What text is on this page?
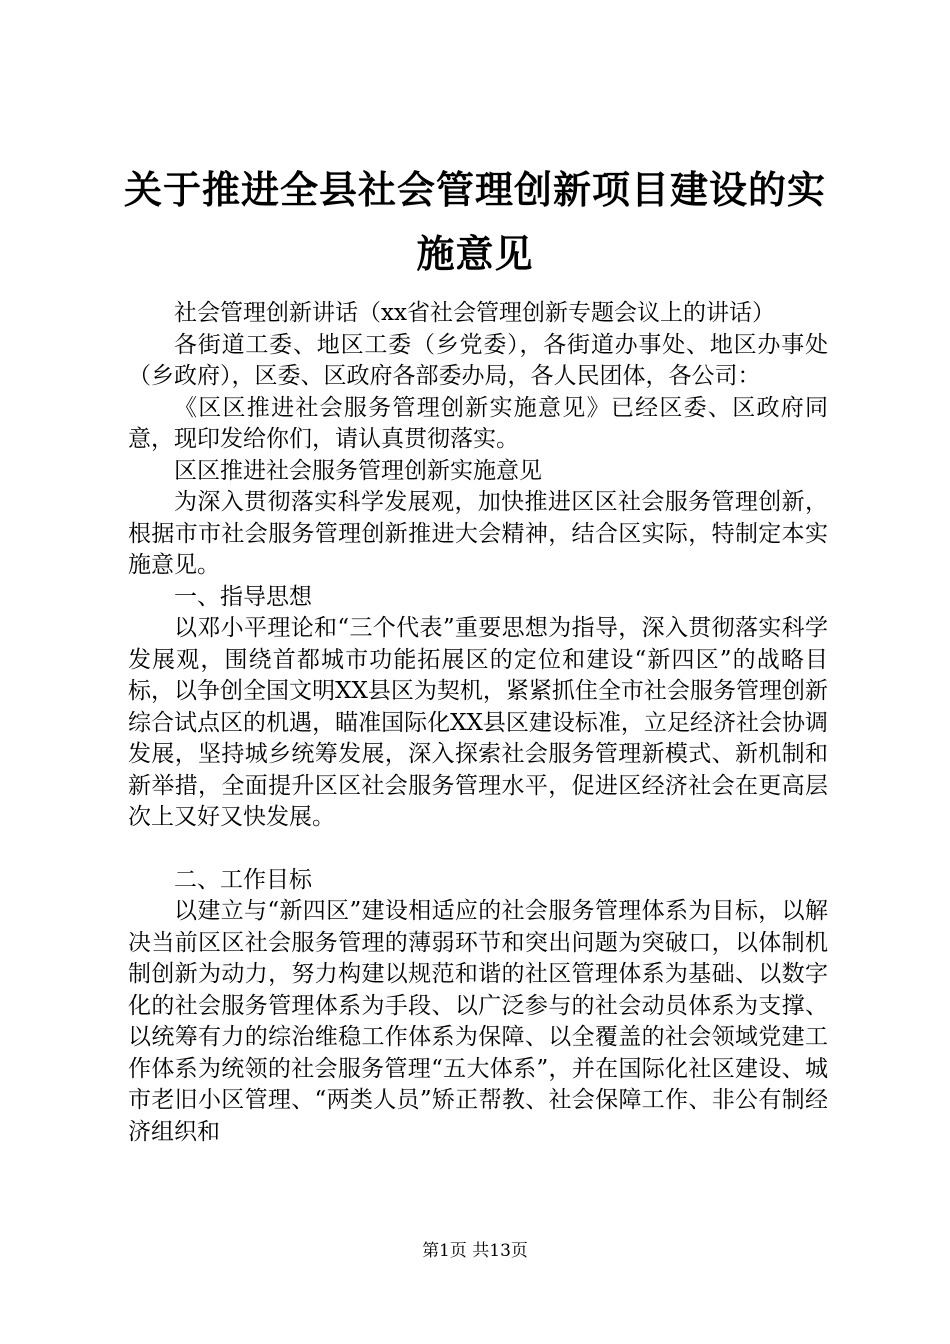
关于推进全县社会管理创新项目建设的实施意见

社会管理创新讲话（xx省社会管理创新专题会议上的讲话）

各街道工委、地区工委（乡党委），各街道办事处、地区办事处（乡政府），区委、区政府各部委办局，各人民团体，各公司：

《区区推进社会服务管理创新实施意见》已经区委、区政府同意，现印发给你们，请认真贯彻落实。

区区推进社会服务管理创新实施意见

为深入贯彻落实科学发展观，加快推进区区社会服务管理创新，根据市市社会服务管理创新推进大会精神，结合区实际，特制定本实施意见。

一、指导思想

以邓小平理论和“三个代表”重要思想为指导，深入贯彻落实科学发展观，围绕首都城市功能拓展区的定位和建设“新四区”的战略目标，以争创全国文明XX县区为契机，紧紧抓住全市社会服务管理创新综合试点区的机遇，瞄准国际化XX县区建设标准，立足经济社会协调发展，坚持城乡统筹发展，深入探索社会服务管理新模式、新机制和新举措，全面提升区区社会服务管理水平，促进区经济社会在更高层次上又好又快发展。

二、工作目标

以建立与“新四区”建设相适应的社会服务管理体系为目标，以解决当前区区社会服务管理的薄弱环节和突出问题为突破口，以体制机制创新为动力，努力构建以规范和谐的社区管理体系为基础、以数字化的社会服务管理体系为手段、以广泛参与的社会动员体系为支撑、以统筹有力的综治维稳工作体系为保障、以全覆盖的社会领域党建工作体系为统领的社会服务管理“五大体系”，并在国际化社区建设、城市老旧小区管理、“两类人员”矫正帮教、社会保障工作、非公有制经济组织和

第1页 共13页
